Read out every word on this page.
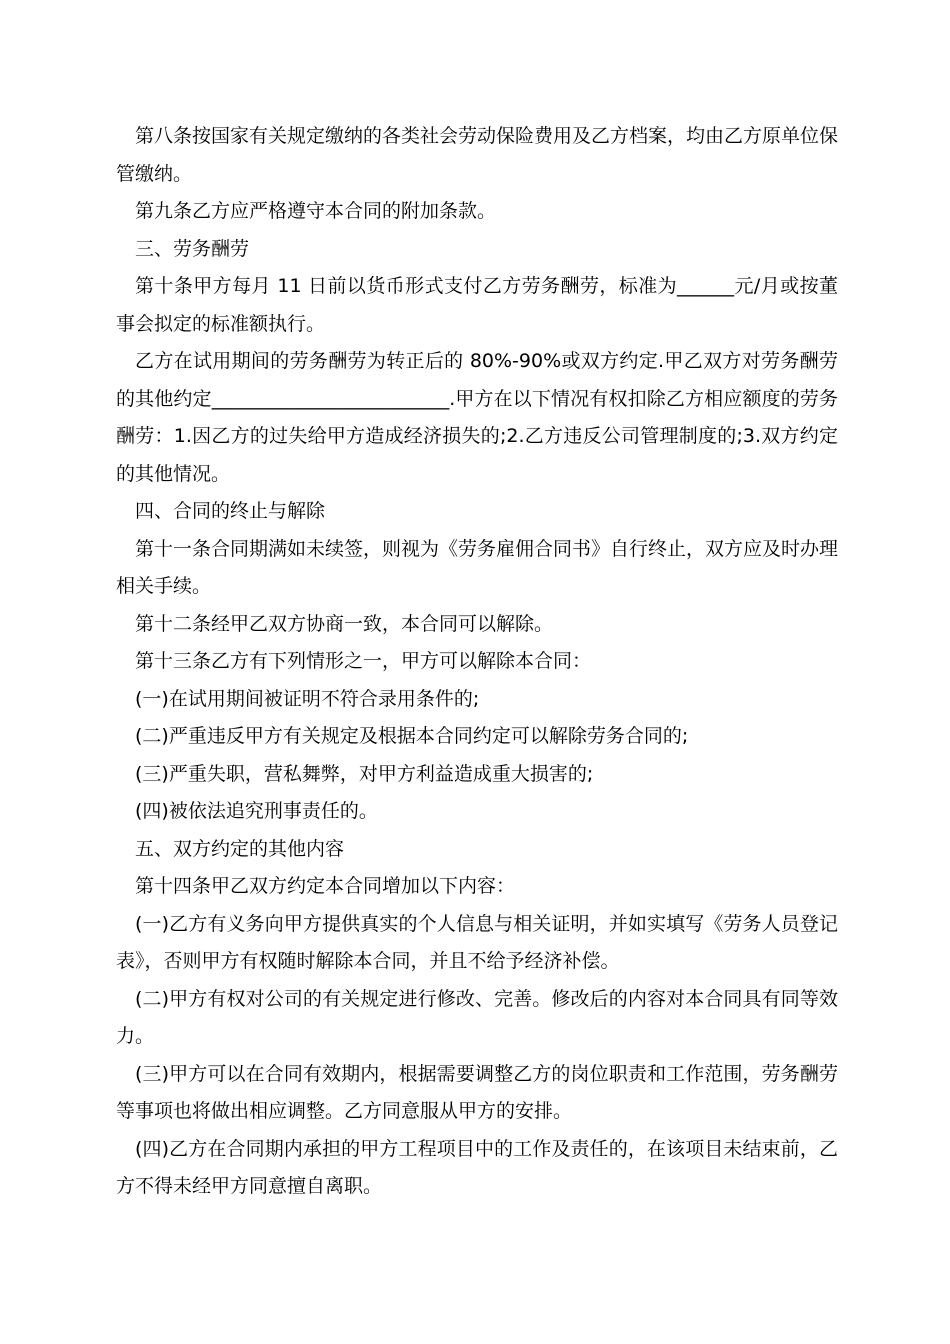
第八条按国家有关规定缴纳的各类社会劳动保险费用及乙方档案，均由乙方原单位保管缴纳。

第九条乙方应严格遵守本合同的附加条款。

三、劳务酬劳

第十条甲方每月 11 日前以货币形式支付乙方劳务酬劳，标准为______元/月或按董事会拟定的标准额执行。

乙方在试用期间的劳务酬劳为转正后的 80%-90%或双方约定.甲乙双方对劳务酬劳的其他约定_________________________.甲方在以下情况有权扣除乙方相应额度的劳务酬劳：1.因乙方的过失给甲方造成经济损失的;2.乙方违反公司管理制度的;3.双方约定的其他情况。

四、合同的终止与解除

第十一条合同期满如未续签，则视为《劳务雇佣合同书》自行终止，双方应及时办理相关手续。

第十二条经甲乙双方协商一致，本合同可以解除。

第十三条乙方有下列情形之一，甲方可以解除本合同：

(一)在试用期间被证明不符合录用条件的;

(二)严重违反甲方有关规定及根据本合同约定可以解除劳务合同的;

(三)严重失职，营私舞弊，对甲方利益造成重大损害的;

(四)被依法追究刑事责任的。

五、双方约定的其他内容

第十四条甲乙双方约定本合同增加以下内容：

(一)乙方有义务向甲方提供真实的个人信息与相关证明，并如实填写《劳务人员登记表》，否则甲方有权随时解除本合同，并且不给予经济补偿。

(二)甲方有权对公司的有关规定进行修改、完善。修改后的内容对本合同具有同等效力。

(三)甲方可以在合同有效期内，根据需要调整乙方的岗位职责和工作范围，劳务酬劳等事项也将做出相应调整。乙方同意服从甲方的安排。

(四)乙方在合同期内承担的甲方工程项目中的工作及责任的，在该项目未结束前，乙方不得未经甲方同意擅自离职。
